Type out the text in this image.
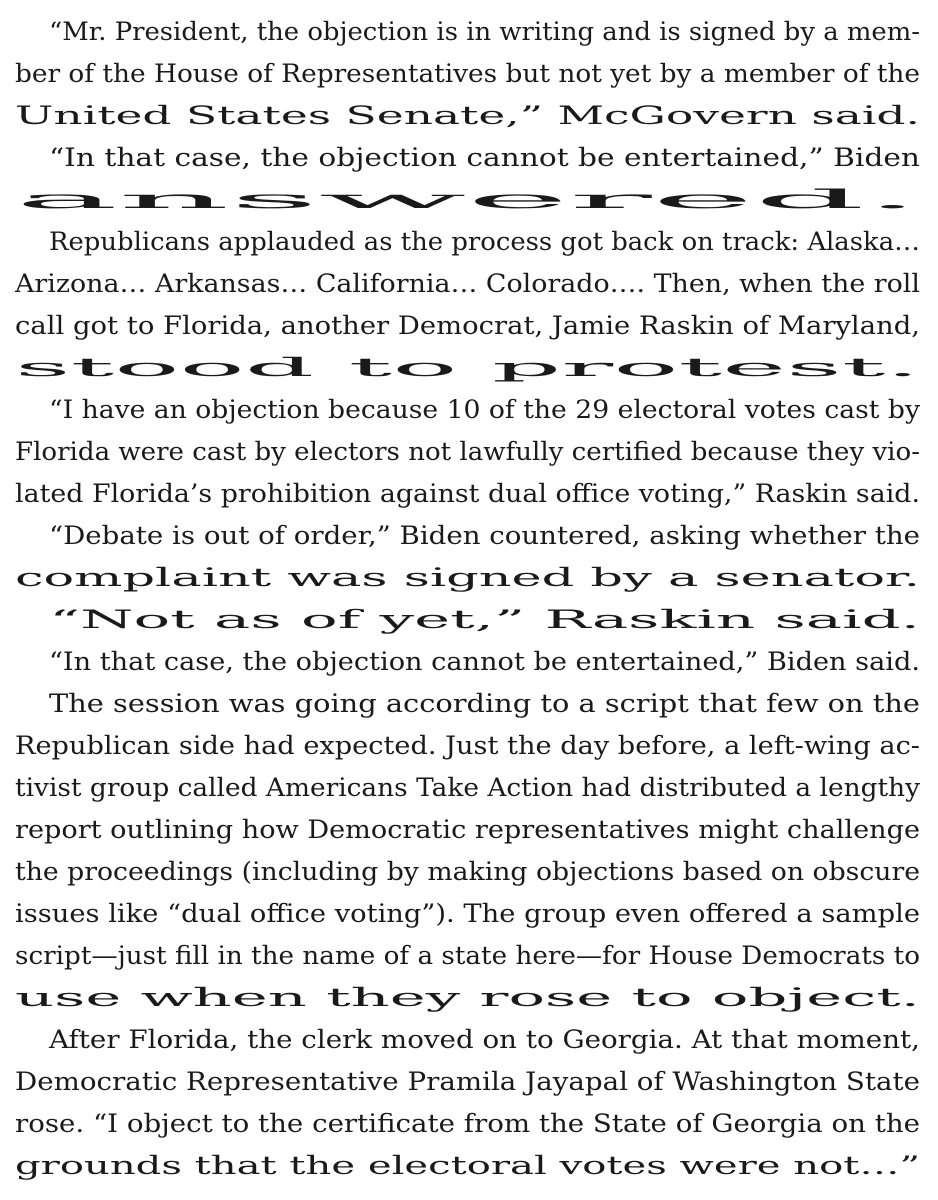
“Mr. President, the objection is in writing and is signed by a mem-
ber of the House of Representatives but not yet by a member of the
United States Senate,” McGovern said.
“In that case, the objection cannot be entertained,” Biden
answered.
Republicans applauded as the process got back on track: Alaska…
Arizona… Arkansas… California… Colorado…. Then, when the roll
call got to Florida, another Democrat, Jamie Raskin of Maryland,
stood to protest.
“I have an objection because 10 of the 29 electoral votes cast by
Florida were cast by electors not lawfully certified because they vio-
lated Florida’s prohibition against dual office voting,” Raskin said.
“Debate is out of order,” Biden countered, asking whether the
complaint was signed by a senator.
“Not as of yet,” Raskin said.
“In that case, the objection cannot be entertained,” Biden said.
The session was going according to a script that few on the
Republican side had expected. Just the day before, a left-wing ac-
tivist group called Americans Take Action had distributed a lengthy
report outlining how Democratic representatives might challenge
the proceedings (including by making objections based on obscure
issues like “dual office voting”). The group even offered a sample
script—just fill in the name of a state here—for House Democrats to
use when they rose to object.
After Florida, the clerk moved on to Georgia. At that moment,
Democratic Representative Pramila Jayapal of Washington State
rose. “I object to the certificate from the State of Georgia on the
grounds that the electoral votes were not…”
